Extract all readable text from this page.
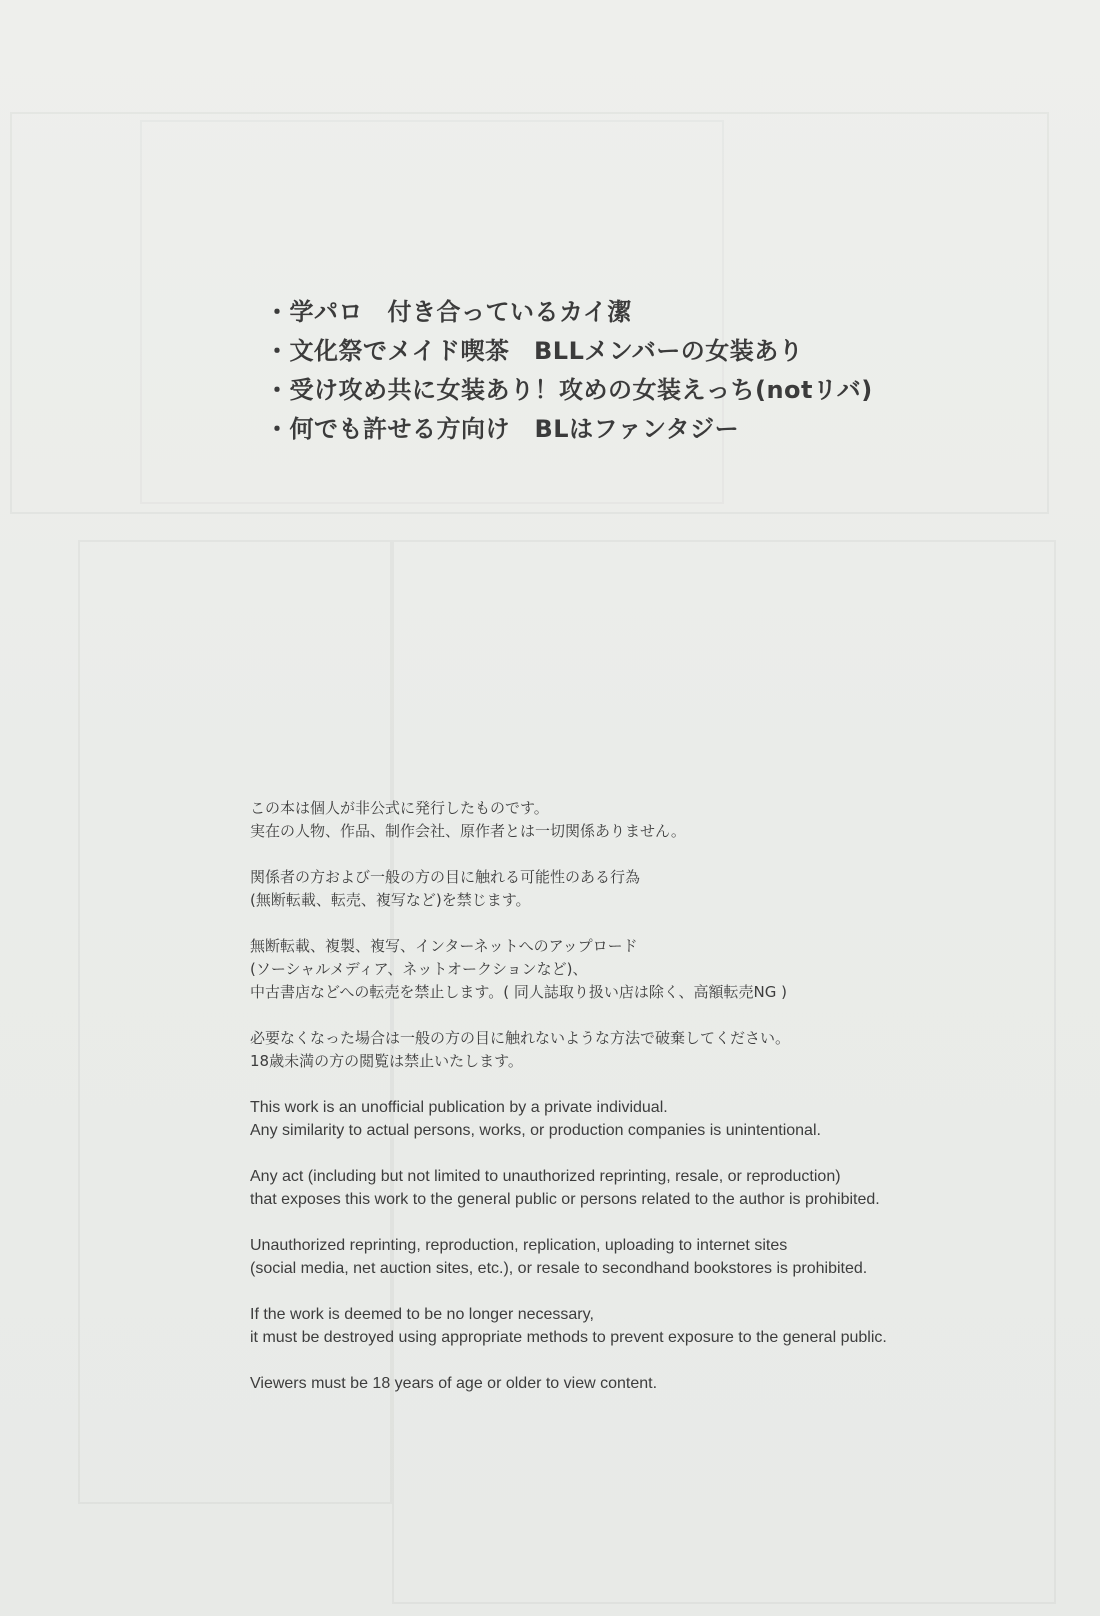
・学パロ　付き合っているカイ潔
・文化祭でメイド喫茶　BLLメンバーの女装あり
・受け攻め共に女装あり！攻めの女装えっち(notリバ)
・何でも許せる方向け　BLはファンタジー

この本は個人が非公式に発行したものです。
実在の人物、作品、制作会社、原作者とは一切関係ありません。

関係者の方および一般の方の目に触れる可能性のある行為
(無断転載、転売、複写など)を禁じます。

無断転載、複製、複写、インターネットへのアップロード
(ソーシャルメディア、ネットオークションなど)、
中古書店などへの転売を禁止します。( 同人誌取り扱い店は除く、高額転売NG )

必要なくなった場合は一般の方の目に触れないような方法で破棄してください。
18歳未満の方の閲覧は禁止いたします。

This work is an unofficial publication by a private individual.
Any similarity to actual persons, works, or production companies is unintentional.

Any act (including but not limited to unauthorized reprinting, resale, or reproduction)
that exposes this work to the general public or persons related to the author is prohibited.

Unauthorized reprinting, reproduction, replication, uploading to internet sites
(social media, net auction sites, etc.), or resale to secondhand bookstores is prohibited.

If the work is deemed to be no longer necessary,
it must be destroyed using appropriate methods to prevent exposure to the general public.

Viewers must be 18 years of age or older to view content.
